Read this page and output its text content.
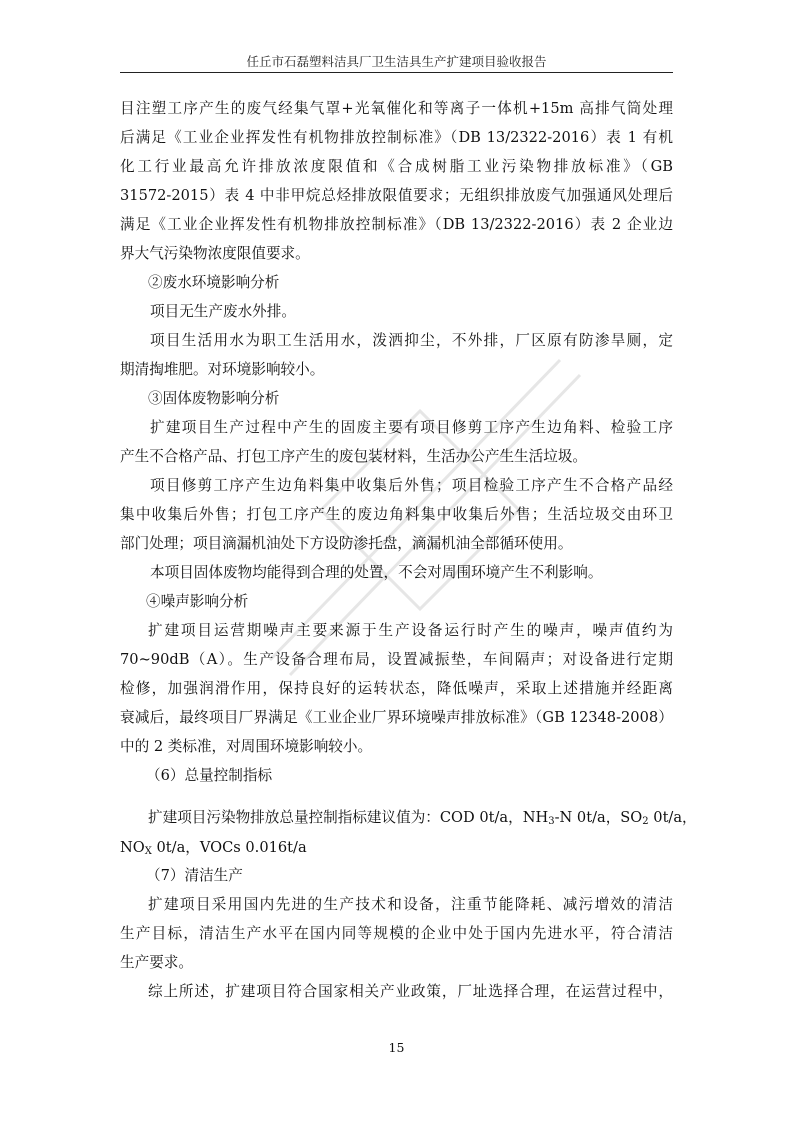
任丘市石磊塑料洁具厂卫生洁具生产扩建项目验收报告
目注塑工序产生的废气经集气罩+光氧催化和等离子一体机+15m 高排气筒处理
后满足《工业企业挥发性有机物排放控制标准》（DB 13/2322-2016）表 1 有机
化工行业最高允许排放浓度限值和《合成树脂工业污染物排放标准》（GB
31572-2015）表 4 中非甲烷总烃排放限值要求；无组织排放废气加强通风处理后
满足《工业企业挥发性有机物排放控制标准》（DB 13/2322-2016）表 2 企业边
界大气污染物浓度限值要求。
②废水环境影响分析
项目无生产废水外排。
项目生活用水为职工生活用水，泼洒抑尘，不外排，厂区原有防渗旱厕，定
期清掏堆肥。对环境影响较小。
③固体废物影响分析
扩建项目生产过程中产生的固废主要有项目修剪工序产生边角料、检验工序
产生不合格产品、打包工序产生的废包装材料，生活办公产生生活垃圾。
项目修剪工序产生边角料集中收集后外售；项目检验工序产生不合格产品经
集中收集后外售；打包工序产生的废边角料集中收集后外售；生活垃圾交由环卫
部门处理；项目滴漏机油处下方设防渗托盘，滴漏机油全部循环使用。
本项目固体废物均能得到合理的处置，不会对周围环境产生不利影响。
④噪声影响分析
扩建项目运营期噪声主要来源于生产设备运行时产生的噪声，噪声值约为
70~90dB（A）。生产设备合理布局，设置减振垫，车间隔声；对设备进行定期
检修，加强润滑作用，保持良好的运转状态，降低噪声，采取上述措施并经距离
衰减后，最终项目厂界满足《工业企业厂界环境噪声排放标准》（GB 12348-2008）
中的 2 类标准，对周围环境影响较小。
（6）总量控制指标
扩建项目污染物排放总量控制指标建议值为：COD 0t/a，$NH_3-N$ 0t/a，$SO_2$ 0t/a，
$NO_X$ 0t/a，VOCs 0.016t/a
（7）清洁生产
扩建项目采用国内先进的生产技术和设备，注重节能降耗、减污增效的清洁
生产目标，清洁生产水平在国内同等规模的企业中处于国内先进水平，符合清洁
生产要求。
综上所述，扩建项目符合国家相关产业政策，厂址选择合理，在运营过程中，
15
